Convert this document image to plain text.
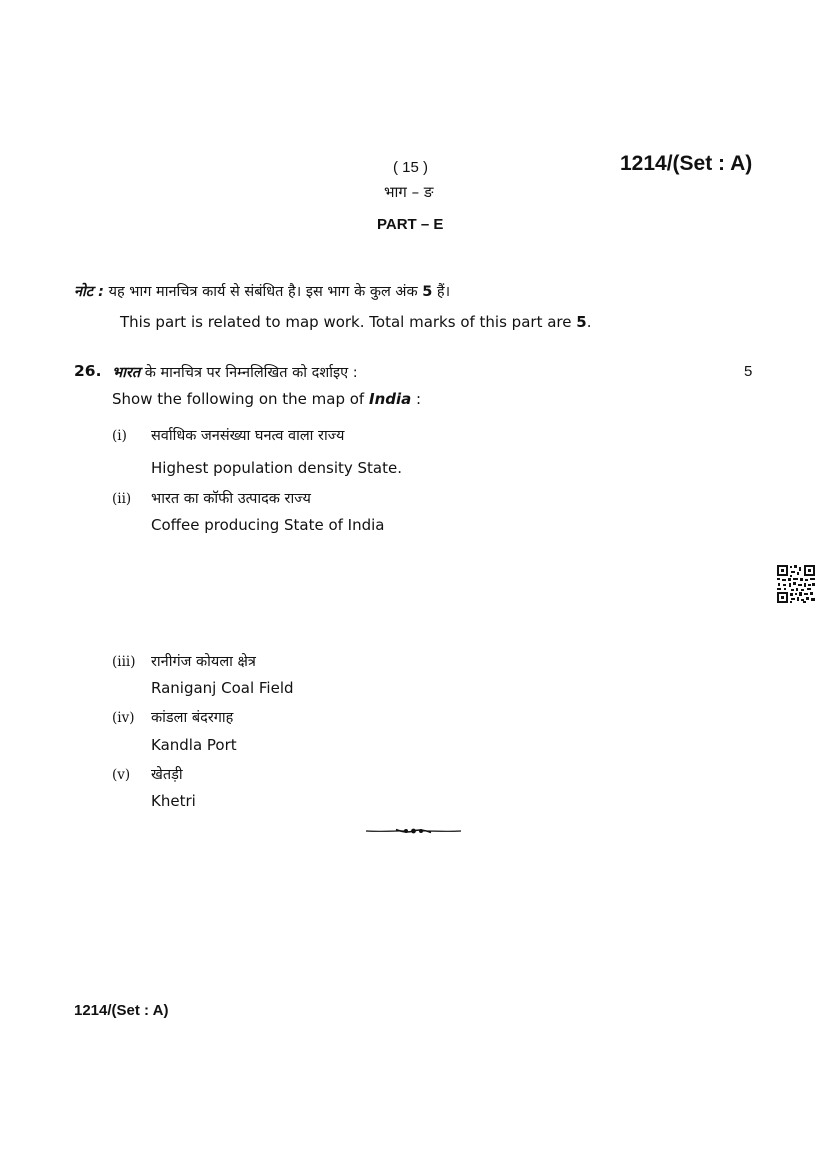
( 15 )	1214/(Set : A)
भाग – ङ
PART – E
नोट : यह भाग मानचित्र कार्य से संबंधित है। इस भाग के कुल अंक 5 हैं।
This part is related to map work. Total marks of this part are 5.
26. भारत के मानचित्र पर निम्नलिखित को दर्शाइए :	5
Show the following on the map of India :
(i) सर्वाधिक जनसंख्या घनत्व वाला राज्य
Highest population density State.
(ii) भारत का कॉफी उत्पादक राज्य
Coffee producing State of India
(iii) रानीगंज कोयला क्षेत्र
Raniganj Coal Field
(iv) कांडला बंदरगाह
Kandla Port
(v) खेतड़ी
Khetri
1214/(Set : A)
